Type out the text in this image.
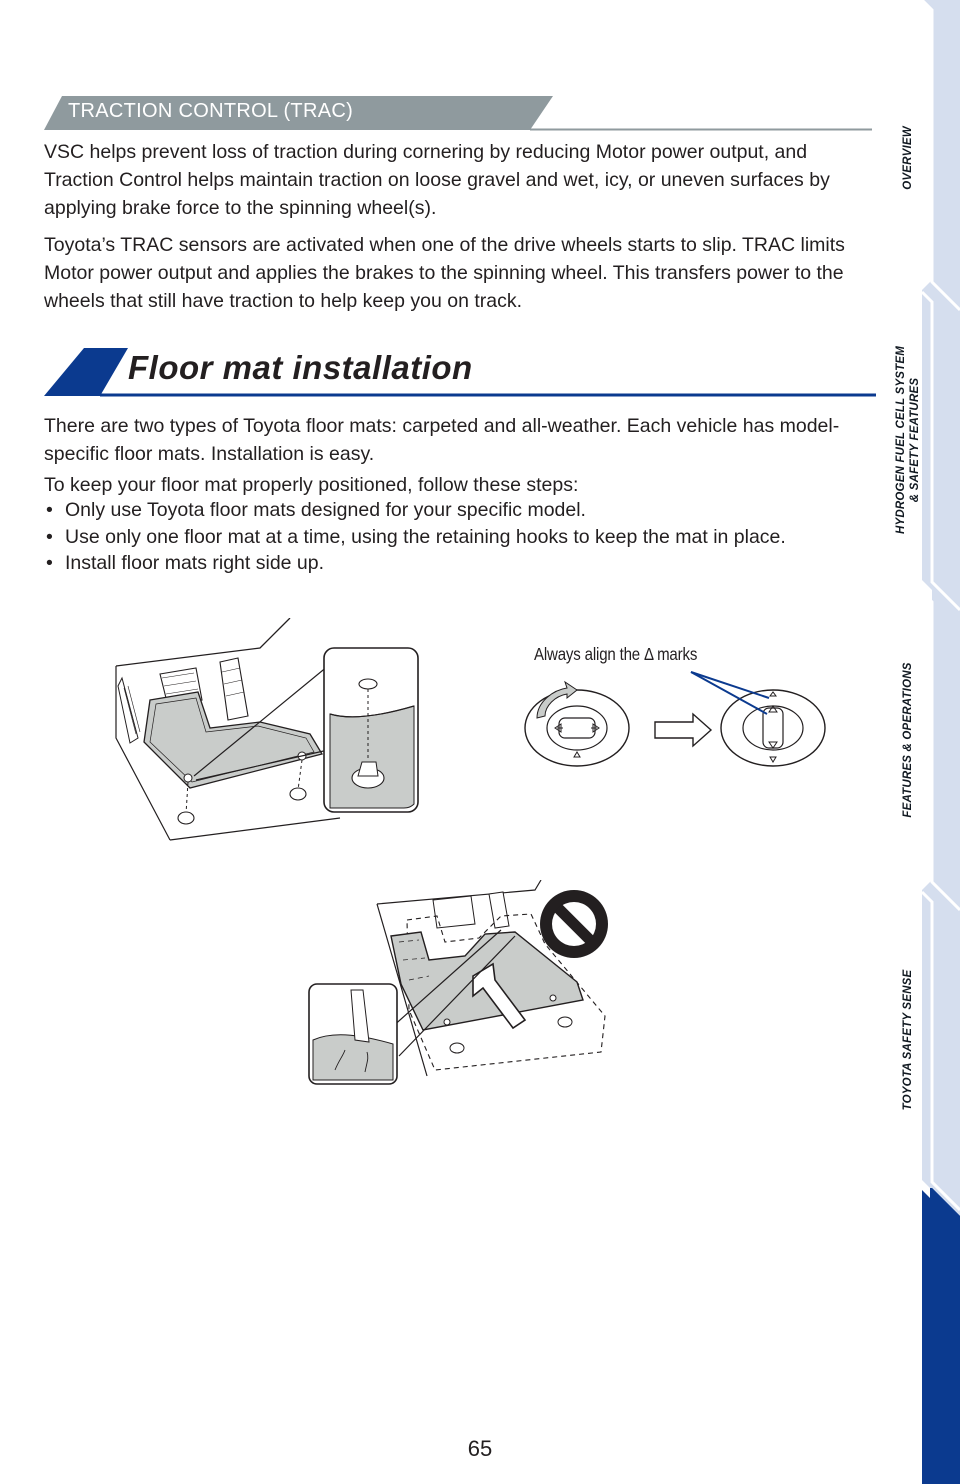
TRACTION CONTROL (TRAC)

VSC helps prevent loss of traction during cornering by reducing Motor power output, and Traction Control helps maintain traction on loose gravel and wet, icy, or uneven surfaces by applying brake force to the spinning wheel(s).

Toyota’s TRAC sensors are activated when one of the drive wheels starts to slip. TRAC limits Motor power output and applies the brakes to the spinning wheel. This transfers power to the wheels that still have traction to help keep you on track.

Floor mat installation

There are two types of Toyota floor mats: carpeted and all-weather. Each vehicle has model-specific floor mats. Installation is easy.

To keep your floor mat properly positioned, follow these steps:

• Only use Toyota floor mats designed for your specific model.
• Use only one floor mat at a time, using the retaining hooks to keep the mat in place.
• Install floor mats right side up.
Always align the Δ marks
65
OVERVIEW
HYDROGEN FUEL CELL SYSTEM & SAFETY FEATURES
FEATURES & OPERATIONS
TOYOTA SAFETY SENSE
SAFETY & EMERGENCY FEATURES
